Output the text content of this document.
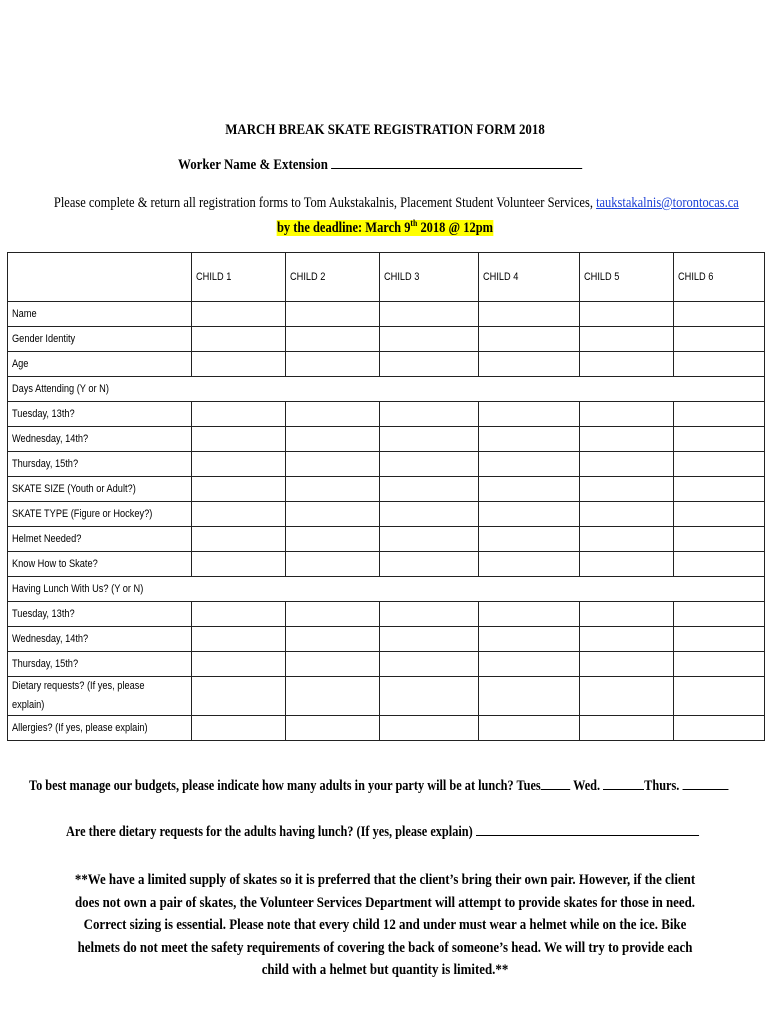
MARCH BREAK SKATE REGISTRATION FORM 2018
Worker Name & Extension
Please complete & return all registration forms to Tom Aukstakalnis, Placement Student Volunteer Services, taukstakalnis@torontocas.ca
by the deadline: March 9th 2018 @ 12pm
	CHILD 1	CHILD 2	CHILD 3	CHILD 4	CHILD 5	CHILD 6
Name						
Gender Identity						
Age						
Days Attending (Y or N)						
Tuesday, 13th?						
Wednesday, 14th?						
Thursday, 15th?						
SKATE SIZE (Youth or Adult?)						
SKATE TYPE (Figure or Hockey?)						
Helmet Needed?						
Know How to Skate?						
Having Lunch With Us? (Y or N)						
Tuesday, 13th?						
Wednesday, 14th?						
Thursday, 15th?						
Dietary requests? (If yes, please explain)						
Allergies? (If yes, please explain)						
To best manage our budgets, please indicate how many adults in your party will be at lunch? Tues Wed.	Thurs.
Are there dietary requests for the adults having lunch? (If yes, please explain)
**We have a limited supply of skates so it is preferred that the client’s bring their own pair. However, if the client does not own a pair of skates, the Volunteer Services Department will attempt to provide skates for those in need. Correct sizing is essential. Please note that every child 12 and under must wear a helmet while on the ice. Bike helmets do not meet the safety requirements of covering the back of someone’s head. We will try to provide each child with a helmet but quantity is limited.**
